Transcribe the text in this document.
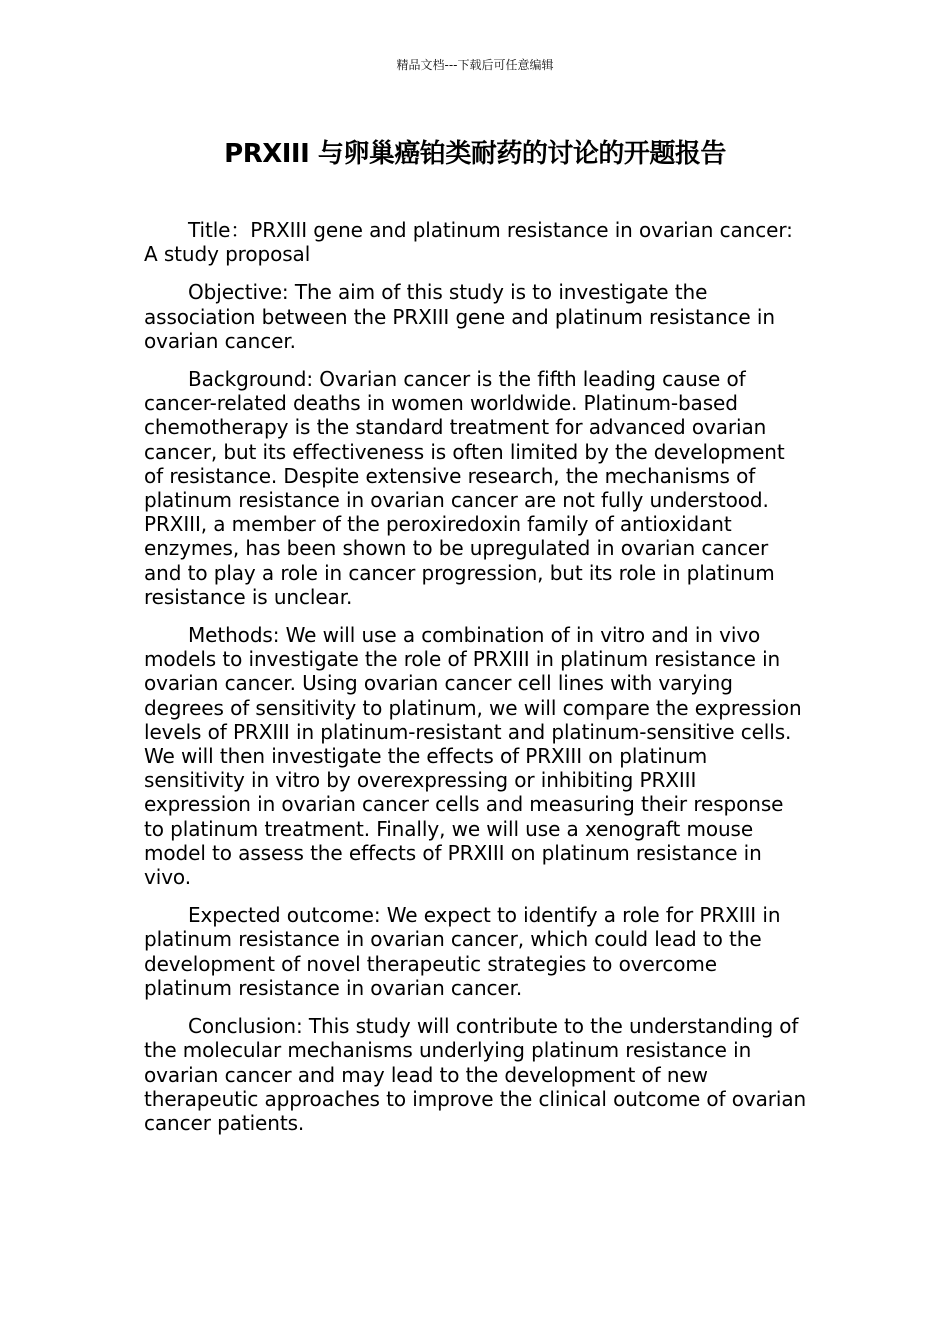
精品文档---下载后可任意编辑
PRXIII 与卵巢癌铂类耐药的讨论的开题报告

Title：PRXIII gene and platinum resistance in ovarian cancer: A study proposal

Objective: The aim of this study is to investigate the association between the PRXIII gene and platinum resistance in ovarian cancer.

Background: Ovarian cancer is the fifth leading cause of cancer-related deaths in women worldwide. Platinum-based chemotherapy is the standard treatment for advanced ovarian cancer, but its effectiveness is often limited by the development of resistance. Despite extensive research, the mechanisms of platinum resistance in ovarian cancer are not fully understood. PRXIII, a member of the peroxiredoxin family of antioxidant enzymes, has been shown to be upregulated in ovarian cancer and to play a role in cancer progression, but its role in platinum resistance is unclear.

Methods: We will use a combination of in vitro and in vivo models to investigate the role of PRXIII in platinum resistance in ovarian cancer. Using ovarian cancer cell lines with varying degrees of sensitivity to platinum, we will compare the expression levels of PRXIII in platinum-resistant and platinum-sensitive cells. We will then investigate the effects of PRXIII on platinum sensitivity in vitro by overexpressing or inhibiting PRXIII expression in ovarian cancer cells and measuring their response to platinum treatment. Finally, we will use a xenograft mouse model to assess the effects of PRXIII on platinum resistance in vivo.

Expected outcome: We expect to identify a role for PRXIII in platinum resistance in ovarian cancer, which could lead to the development of novel therapeutic strategies to overcome platinum resistance in ovarian cancer.

Conclusion: This study will contribute to the understanding of the molecular mechanisms underlying platinum resistance in ovarian cancer and may lead to the development of new therapeutic approaches to improve the clinical outcome of ovarian cancer patients.
